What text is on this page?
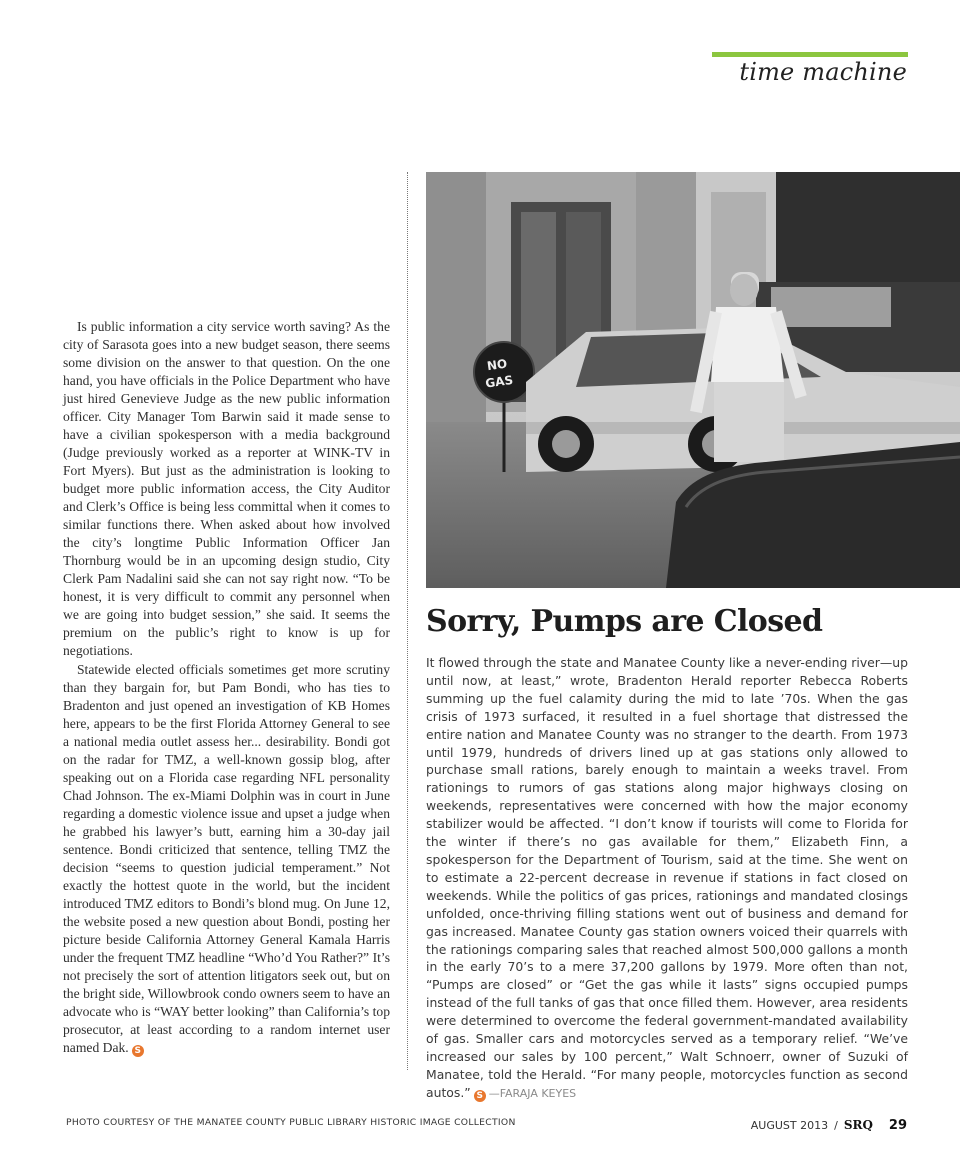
time machine

Is public information a city service worth saving? As the city of Sarasota goes into a new budget season, there seems some division on the answer to that question. On the one hand, you have officials in the Police Department who have just hired Genevieve Judge as the new public information officer. City Manager Tom Barwin said it made sense to have a civilian spokesperson with a media background (Judge previously worked as a reporter at WINK-TV in Fort Myers). But just as the administration is looking to budget more public information access, the City Auditor and Clerk’s Office is being less committal when it comes to similar functions there. When asked about how involved the city’s longtime Public Information Officer Jan Thornburg would be in an upcoming design studio, City Clerk Pam Nadalini said she can not say right now. “To be honest, it is very difficult to commit any personnel when we are going into budget session,” she said. It seems the premium on the public’s right to know is up for negotiations.

Statewide elected officials sometimes get more scrutiny than they bargain for, but Pam Bondi, who has ties to Bradenton and just opened an investigation of KB Homes here, appears to be the first Florida Attorney General to see a national media outlet assess her... desirability. Bondi got on the radar for TMZ, a well-known gossip blog, after speaking out on a Florida case regarding NFL personality Chad Johnson. The ex-Miami Dolphin was in court in June regarding a domestic violence issue and upset a judge when he grabbed his lawyer’s butt, earning him a 30-day jail sentence. Bondi criticized that sentence, telling TMZ the decision “seems to question judicial temperament.” Not exactly the hottest quote in the world, but the incident introduced TMZ editors to Bondi’s blond mug. On June 12, the website posed a new question about Bondi, posting her picture beside California Attorney General Kamala Harris under the frequent TMZ headline “Who’d You Rather?” It’s not precisely the sort of attention litigators seek out, but on the bright side, Willowbrook condo owners seem to have an advocate who is “WAY better looking” than California’s top prosecutor, at least according to a random internet user named Dak. S

NO
GAS
Sorry, Pumps are Closed

It flowed through the state and Manatee County like a never-ending river—up until now, at least,” wrote, Bradenton Herald reporter Rebecca Roberts summing up the fuel calamity during the mid to late ’70s. When the gas crisis of 1973 surfaced, it resulted in a fuel shortage that distressed the entire nation and Manatee County was no stranger to the dearth. From 1973 until 1979, hundreds of drivers lined up at gas stations only allowed to purchase small rations, barely enough to maintain a weeks travel. From rationings to rumors of gas stations along major highways closing on weekends, representatives were concerned with how the major economy stabilizer would be affected. “I don’t know if tourists will come to Florida for the winter if there’s no gas available for them,” Elizabeth Finn, a spokesperson for the Department of Tourism, said at the time. She went on to estimate a 22-percent decrease in revenue if stations in fact closed on weekends. While the politics of gas prices, rationings and mandated closings unfolded, once-thriving filling stations went out of business and demand for gas increased. Manatee County gas station owners voiced their quarrels with the rationings comparing sales that reached almost 500,000 gallons a month in the early 70’s to a mere 37,200 gallons by 1979. More often than not, “Pumps are closed” or “Get the gas while it lasts” signs occupied pumps instead of the full tanks of gas that once filled them. However, area residents were determined to overcome the federal government-mandated availability of gas. Smaller cars and motorcycles served as a temporary relief. “We’ve increased our sales by 100 percent,” Walt Schnoerr, owner of Suzuki of Manatee, told the Herald. “For many people, motorcycles function as second autos.” S —FARAJA KEYES

PHOTO COURTESY OF THE MANATEE COUNTY PUBLIC LIBRARY HISTORIC IMAGE COLLECTION	AUGUST 2013 / SRQ 29
